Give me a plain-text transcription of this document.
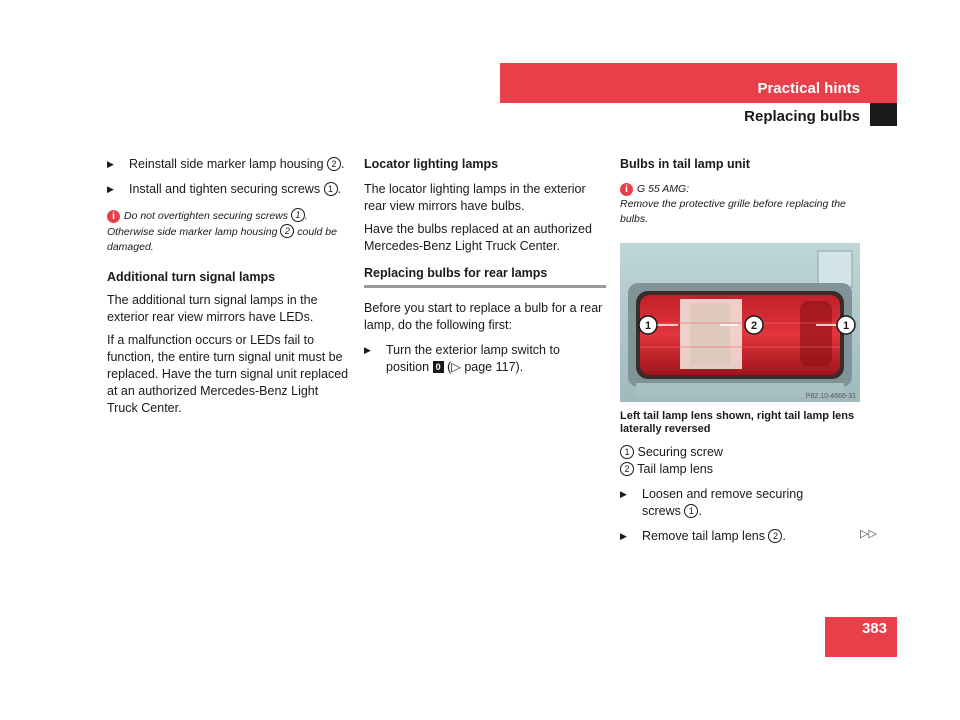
Practical hints
Replacing bulbs

▶ Reinstall side marker lamp housing 2 .

▶ Install and tighten securing screws 1 .

i Do not overtighten securing screws 1 . Otherwise side marker lamp housing 2 could be damaged.

Additional turn signal lamps

The additional turn signal lamps in the exterior rear view mirrors have LEDs.

If a malfunction occurs or LEDs fail to function, the entire turn signal unit must be replaced. Have the turn signal unit replaced at an authorized Mercedes-Benz Light Truck Center.

Locator lighting lamps

The locator lighting lamps in the exterior rear view mirrors have bulbs.

Have the bulbs replaced at an authorized Mercedes-Benz Light Truck Center.

Replacing bulbs for rear lamps

Before you start to replace a bulb for a rear lamp, do the following first:

▶ Turn the exterior lamp switch to position 0 (▷ page 117).

Bulbs in tail lamp unit

i G 55 AMG:
Remove the protective grille before replacing the bulbs.

1	2	1
P82.10-4666-31

Left tail lamp lens shown, right tail lamp lens laterally reversed

1 Securing screw

2 Tail lamp lens

▶ Loosen and remove securing screws 1 .

▶ Remove tail lamp lens 2 .	▷▷
383
